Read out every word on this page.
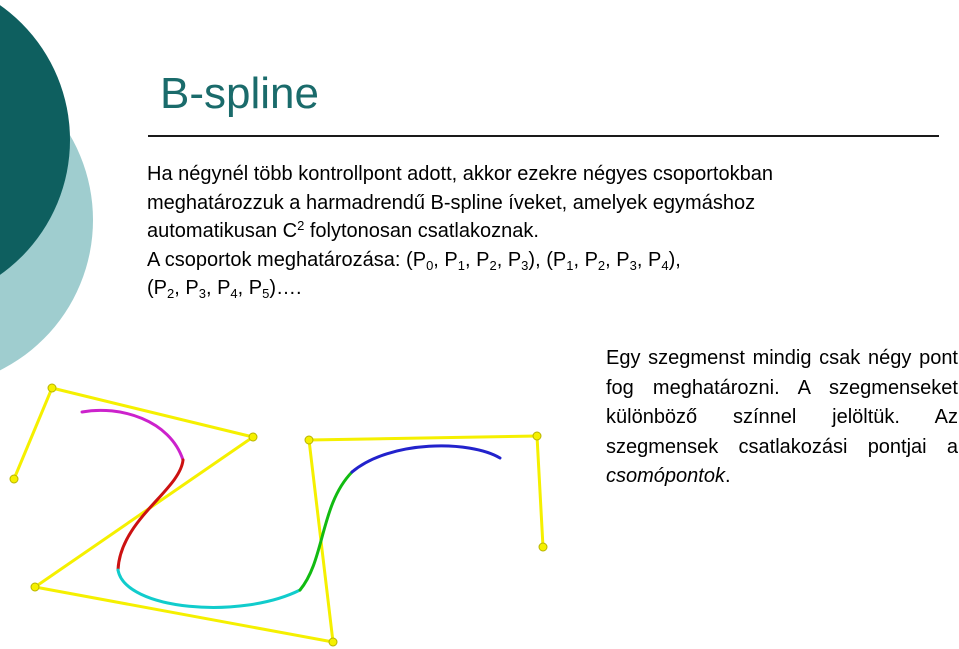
B-spline
Ha négynél több kontrollpont adott, akkor ezekre négyes csoportokban
meghatározzuk a harmadrendű B-spline íveket, amelyek egymáshoz
automatikusan $C^2$ folytonosan csatlakoznak.
A csoportok meghatározása: ($P_0$, $P_1$, $P_2$, $P_3$), ($P_1$, $P_2$, $P_3$, $P_4$),
($P_2$, $P_3$, $P_4$, $P_5)\dots$.

Egy szegmenst mindig csak négy pont fog meghatározni. A szegmenseket különböző színnel jelöltük. Az szegmensek csatlakozási pontjai a csomópontok.
